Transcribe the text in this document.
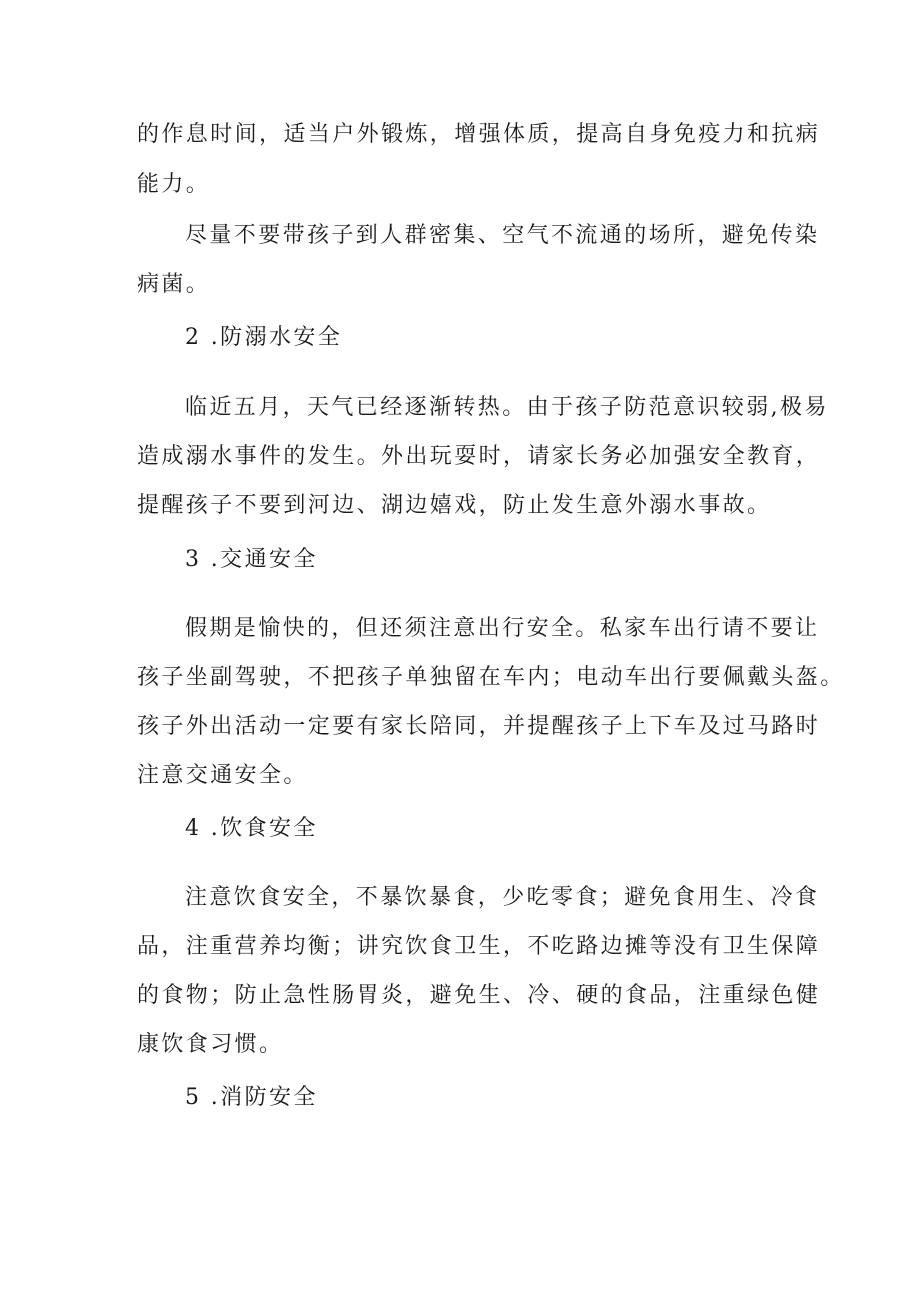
的作息时间，适当户外锻炼，增强体质，提高自身免疫力和抗病
能力。
尽量不要带孩子到人群密集、空气不流通的场所，避免传染
病菌。
2 .防溺水安全
临近五月，天气已经逐渐转热。由于孩子防范意识较弱,极易
造成溺水事件的发生。外出玩耍时，请家长务必加强安全教育，
提醒孩子不要到河边、湖边嬉戏，防止发生意外溺水事故。
3 .交通安全
假期是愉快的，但还须注意出行安全。私家车出行请不要让
孩子坐副驾驶，不把孩子单独留在车内；电动车出行要佩戴头盔。
孩子外出活动一定要有家长陪同，并提醒孩子上下车及过马路时
注意交通安全。
4 .饮食安全
注意饮食安全，不暴饮暴食，少吃零食；避免食用生、冷食
品，注重营养均衡；讲究饮食卫生，不吃路边摊等没有卫生保障
的食物；防止急性肠胃炎，避免生、冷、硬的食品，注重绿色健
康饮食习惯。
5 .消防安全
